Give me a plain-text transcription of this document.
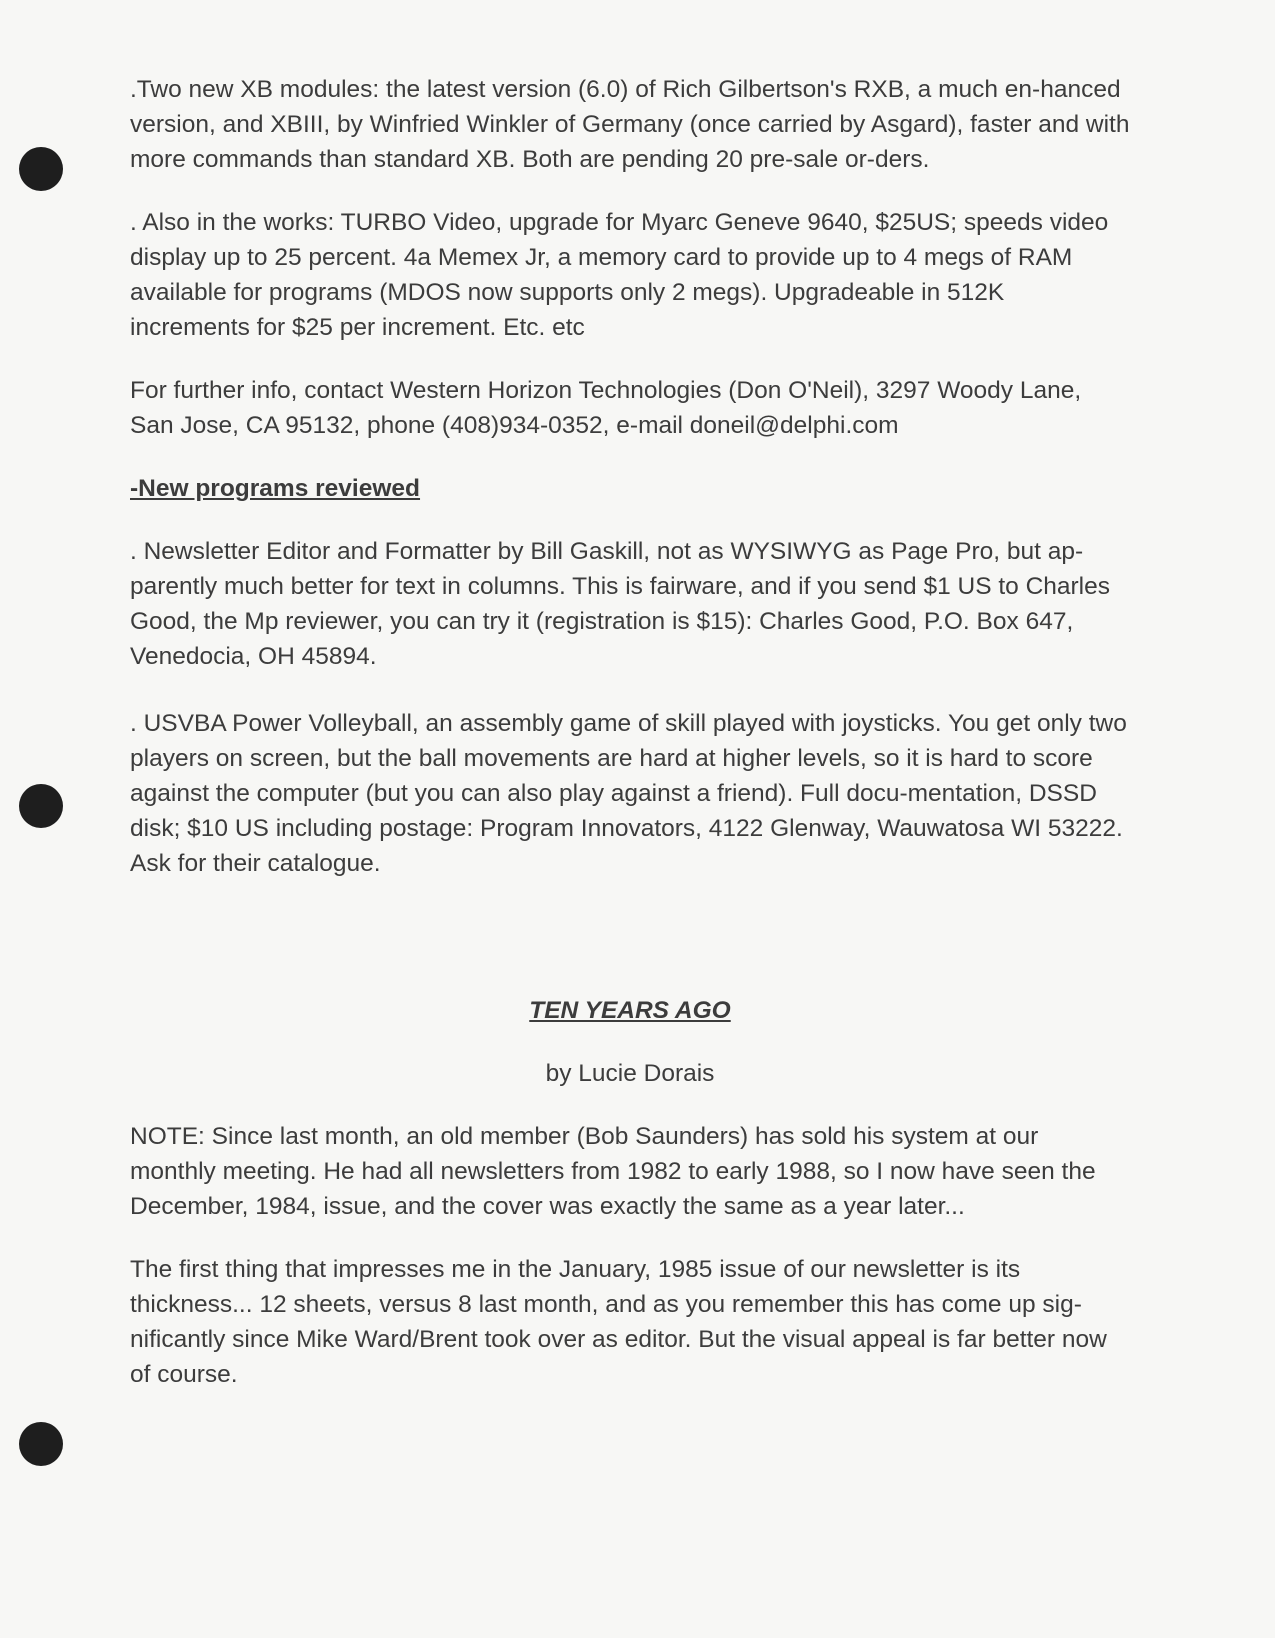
.Two new XB modules: the latest version (6.0) of Rich Gilbertson's RXB, a much en-hanced version, and XBIII, by Winfried Winkler of Germany (once carried by Asgard), faster and with more commands than standard XB. Both are pending 20 pre-sale or-ders.

. Also in the works: TURBO Video, upgrade for Myarc Geneve 9640, $25US; speeds video display up to 25 percent. 4a Memex Jr, a memory card to provide up to 4 megs of RAM available for programs (MDOS now supports only 2 megs). Upgradeable in 512K increments for $25 per increment. Etc. etc

For further info, contact Western Horizon Technologies (Don O'Neil), 3297 Woody Lane, San Jose, CA 95132, phone (408)934-0352, e-mail doneil@delphi.com

-New programs reviewed

. Newsletter Editor and Formatter by Bill Gaskill, not as WYSIWYG as Page Pro, but ap-parently much better for text in columns. This is fairware, and if you send $1 US to Charles Good, the Mp reviewer, you can try it (registration is $15): Charles Good, P.O. Box 647, Venedocia, OH 45894.

. USVBA Power Volleyball, an assembly game of skill played with joysticks. You get only two players on screen, but the ball movements are hard at higher levels, so it is hard to score against the computer (but you can also play against a friend). Full docu-mentation, DSSD disk; $10 US including postage: Program Innovators, 4122 Glenway, Wauwatosa WI 53222. Ask for their catalogue.

TEN YEARS AGO

by Lucie Dorais

NOTE: Since last month, an old member (Bob Saunders) has sold his system at our monthly meeting. He had all newsletters from 1982 to early 1988, so I now have seen the December, 1984, issue, and the cover was exactly the same as a year later...

The first thing that impresses me in the January, 1985 issue of our newsletter is its thickness... 12 sheets, versus 8 last month, and as you remember this has come up sig-nificantly since Mike Ward/Brent took over as editor. But the visual appeal is far better now of course.
